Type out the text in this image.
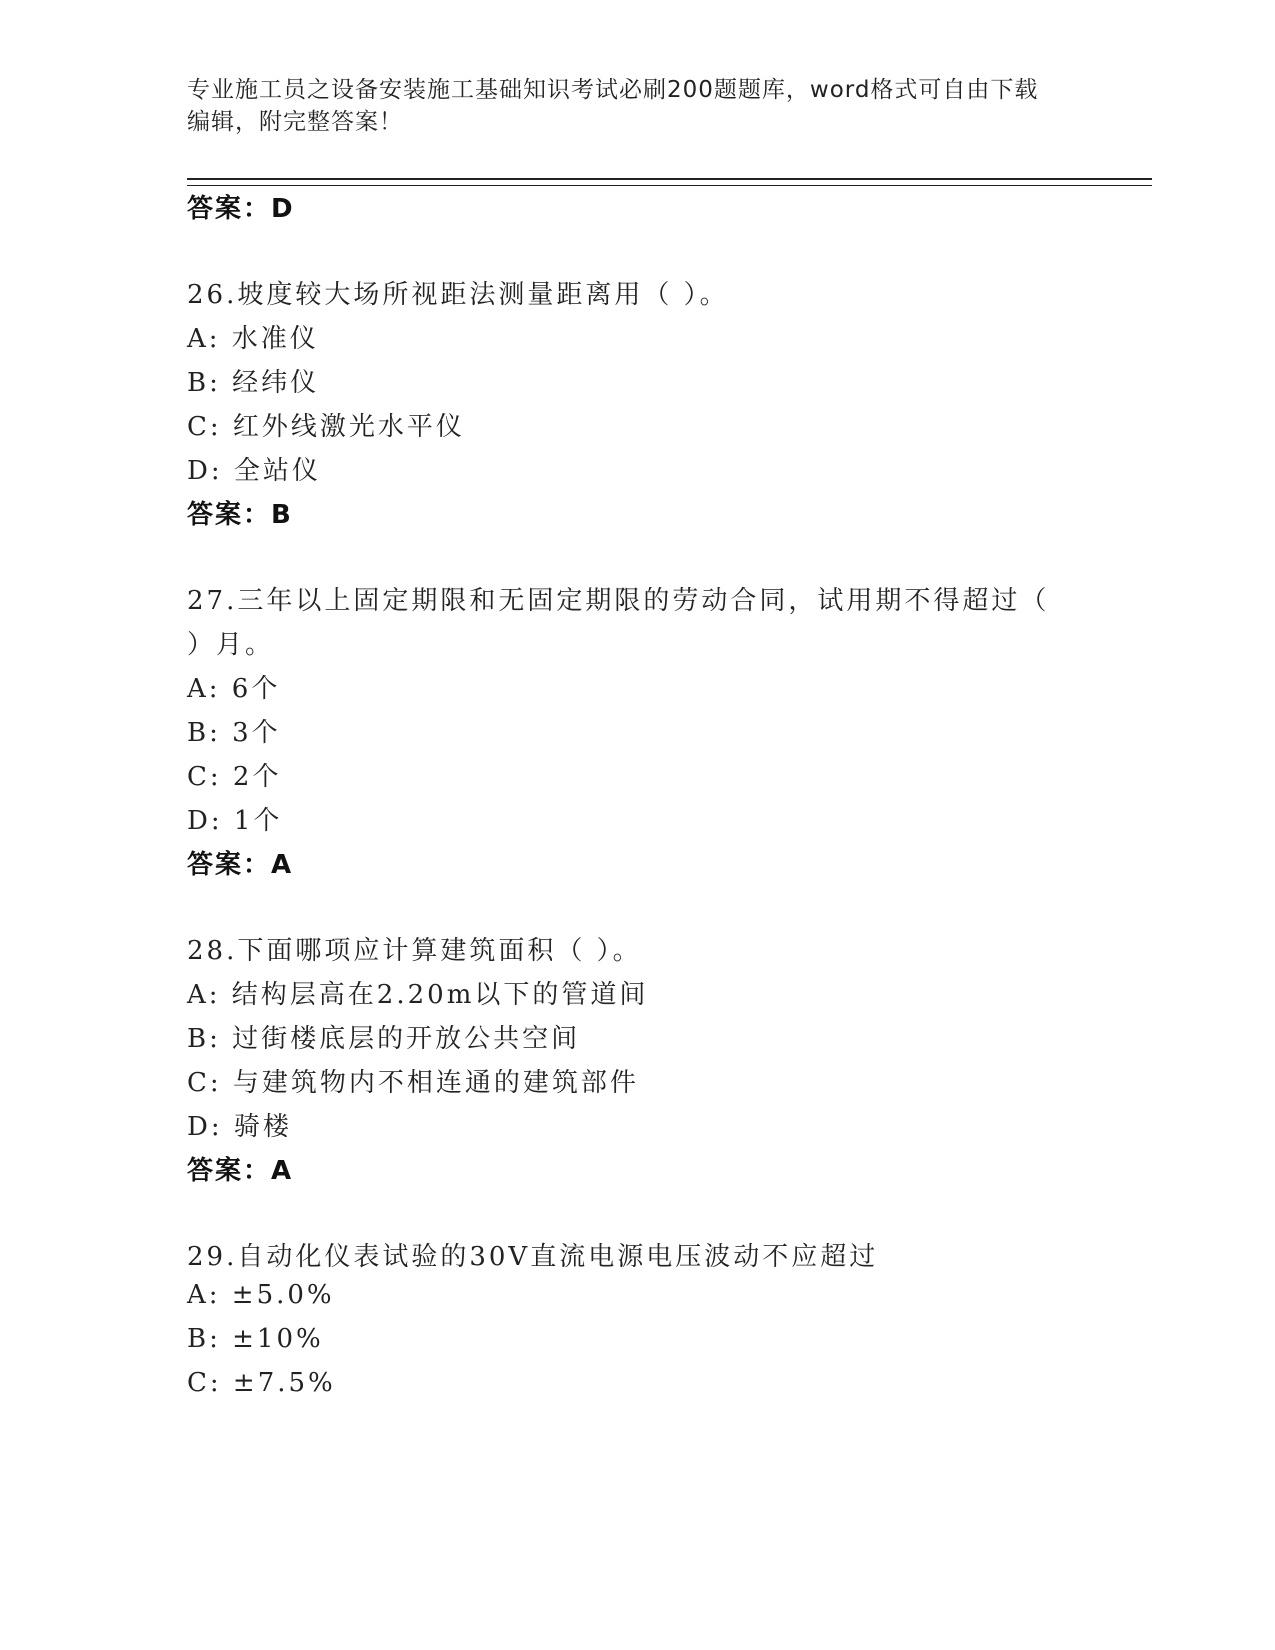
专业施工员之设备安装施工基础知识考试必刷200题题库，word格式可自由下载
编辑，附完整答案！
答案：D
26.坡度较大场所视距法测量距离用（ ）。
A: 水准仪
B: 经纬仪
C: 红外线激光水平仪
D: 全站仪
答案：B
27.三年以上固定期限和无固定期限的劳动合同，试用期不得超过（
）月。
A: 6个
B: 3个
C: 2个
D: 1个
答案：A
28.下面哪项应计算建筑面积（ ）。
A: 结构层高在2.20m以下的管道间
B: 过街楼底层的开放公共空间
C: 与建筑物内不相连通的建筑部件
D: 骑楼
答案：A
29.自动化仪表试验的30V直流电源电压波动不应超过
A: ±5.0%
B: ±10%
C: ±7.5%
